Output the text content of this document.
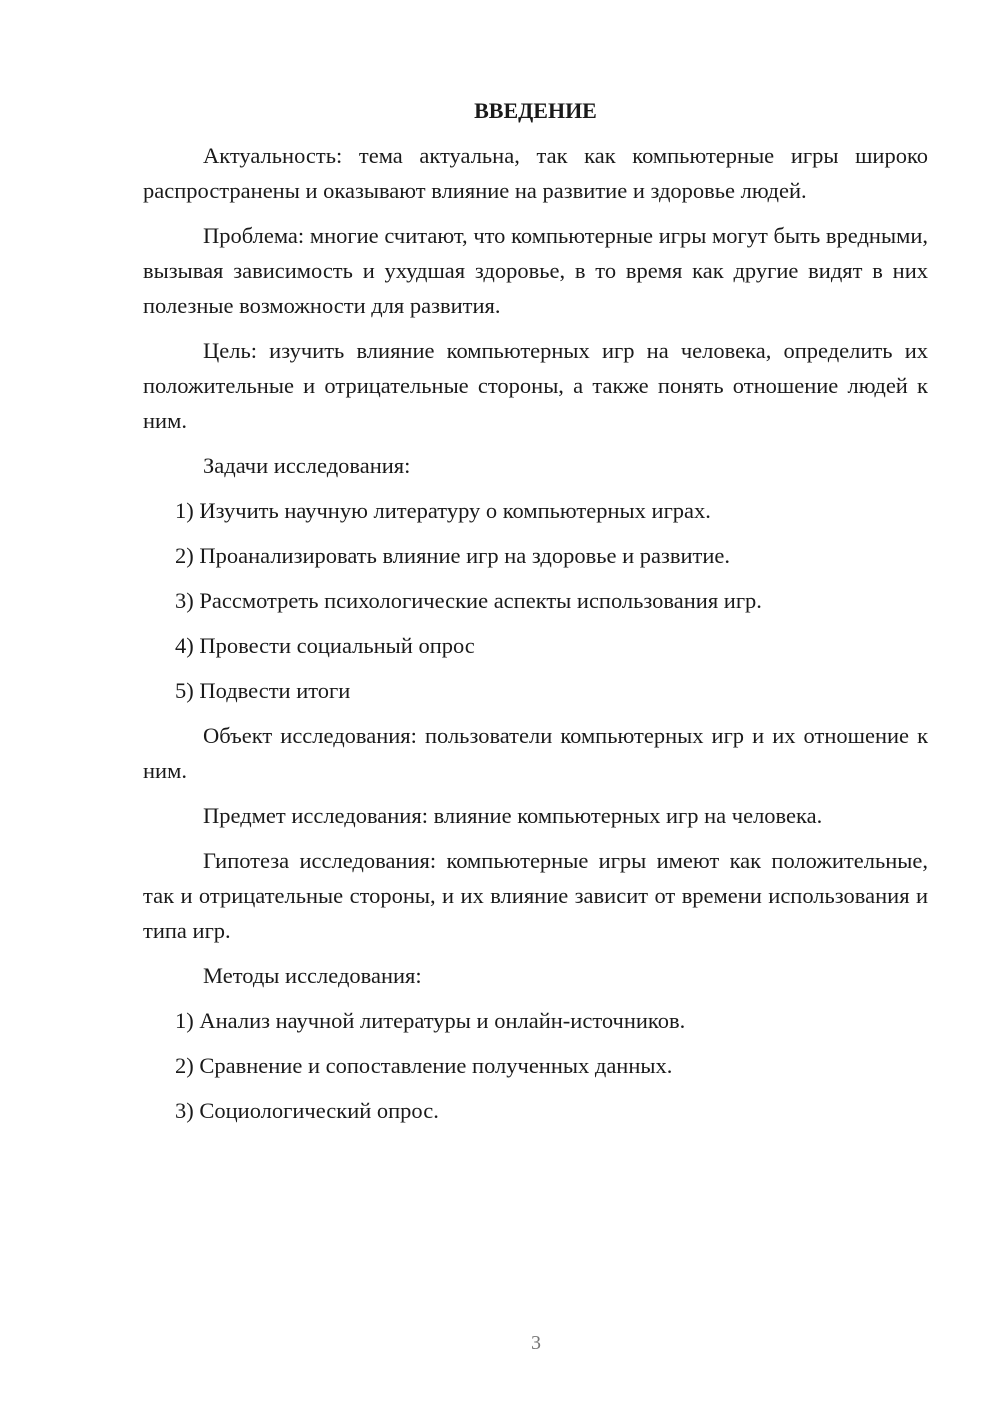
ВВЕДЕНИЕ

Актуальность: тема актуальна, так как компьютерные игры широко распространены и оказывают влияние на развитие и здоровье людей.

Проблема: многие считают, что компьютерные игры могут быть вредными, вызывая зависимость и ухудшая здоровье, в то время как другие видят в них полезные возможности для развития.

Цель: изучить влияние компьютерных игр на человека, определить их положительные и отрицательные стороны, а также понять отношение людей к ним.

Задачи исследования:

1) Изучить научную литературу о компьютерных играх.

2) Проанализировать влияние игр на здоровье и развитие.

3) Рассмотреть психологические аспекты использования игр.

4) Провести социальный опрос

5) Подвести итоги

Объект исследования: пользователи компьютерных игр и их отношение к ним.

Предмет исследования: влияние компьютерных игр на человека.

Гипотеза исследования: компьютерные игры имеют как положительные, так и отрицательные стороны, и их влияние зависит от времени использования и типа игр.

Методы исследования:

1) Анализ научной литературы и онлайн-источников.

2) Сравнение и сопоставление полученных данных.

3) Социологический опрос.

3
